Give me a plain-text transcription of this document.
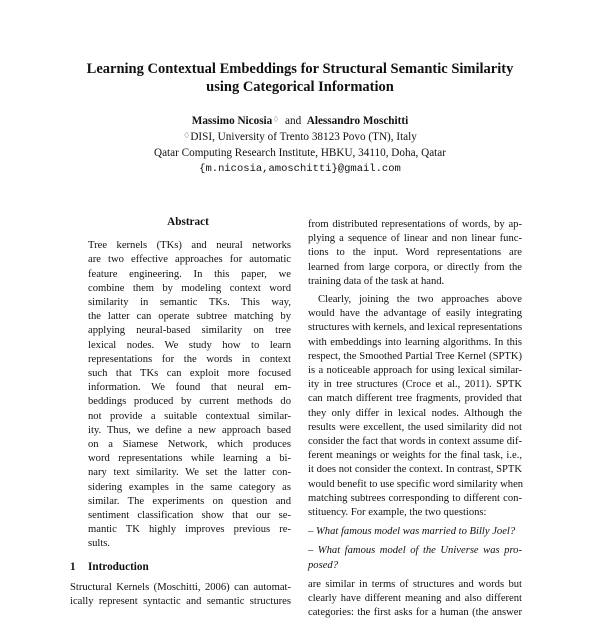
Learning Contextual Embeddings for Structural Semantic Similarity
using Categorical Information
Massimo Nicosia♢ and Alessandro Moschitti
♢DISI, University of Trento 38123 Povo (TN), Italy
Qatar Computing Research Institute, HBKU, 34110, Doha, Qatar
{m.nicosia,amoschitti}@gmail.com
Abstract
Tree kernels (TKs) and neural networks
are two effective approaches for automatic
feature engineering. In this paper, we
combine them by modeling context word
similarity in semantic TKs. This way,
the latter can operate subtree matching by
applying neural-based similarity on tree
lexical nodes. We study how to learn
representations for the words in context
such that TKs can exploit more focused
information. We found that neural em-
beddings produced by current methods do
not provide a suitable contextual similar-
ity. Thus, we define a new approach based
on a Siamese Network, which produces
word representations while learning a bi-
nary text similarity. We set the latter con-
sidering examples in the same category as
similar. The experiments on question and
sentiment classification show that our se-
mantic TK highly improves previous re-
sults.
1 Introduction
Structural Kernels (Moschitti, 2006) can automat-
ically represent syntactic and semantic structures
from distributed representations of words, by ap-
plying a sequence of linear and non linear func-
tions to the input. Word representations are
learned from large corpora, or directly from the
training data of the task at hand.
Clearly, joining the two approaches above
would have the advantage of easily integrating
structures with kernels, and lexical representations
with embeddings into learning algorithms. In this
respect, the Smoothed Partial Tree Kernel (SPTK)
is a noticeable approach for using lexical similar-
ity in tree structures (Croce et al., 2011). SPTK
can match different tree fragments, provided that
they only differ in lexical nodes. Although the
results were excellent, the used similarity did not
consider the fact that words in context assume dif-
ferent meanings or weights for the final task, i.e.,
it does not consider the context. In contrast, SPTK
would benefit to use specific word similarity when
matching subtrees corresponding to different con-
stituency. For example, the two questions:
– What famous model was married to Billy Joel?
– What famous model of the Universe was pro-
posed?
are similar in terms of structures and words but
clearly have different meaning and also different
categories: the first asks for a human (the answer
